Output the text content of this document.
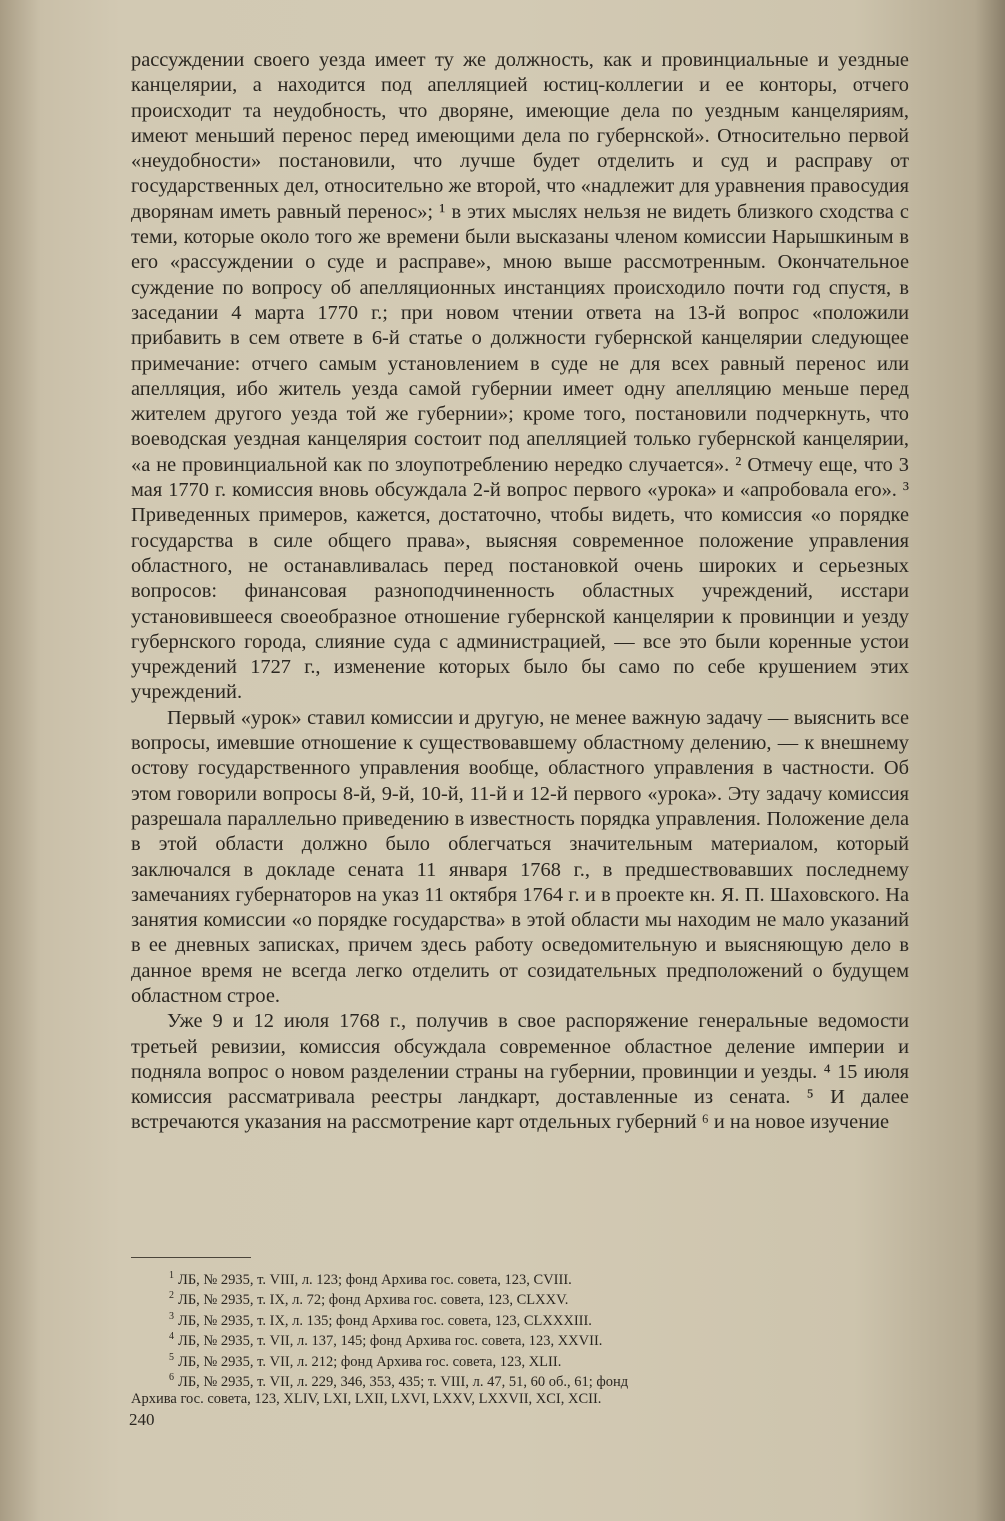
рассуждении своего уезда имеет ту же должность, как и провинциальные и уездные канцелярии, а находится под апелляцией юстиц-коллегии и ее конторы, отчего происходит та неудобность, что дворяне, имеющие дела по уездным канцеляриям, имеют меньший перенос перед имеющими дела по губернской». Относительно первой «неудобности» постановили, что лучше будет отделить и суд и расправу от государственных дел, относительно же второй, что «надлежит для уравнения правосудия дворянам иметь равный перенос»; ¹ в этих мыслях нельзя не видеть близкого сходства с теми, которые около того же времени были высказаны членом комиссии Нарышкиным в его «рассуждении о суде и расправе», мною выше рассмотренным. Окончательное суждение по вопросу об апелляционных инстанциях происходило почти год спустя, в заседании 4 марта 1770 г.; при новом чтении ответа на 13-й вопрос «положили прибавить в сем ответе в 6-й статье о должности губернской канцелярии следующее примечание: отчего самым установлением в суде не для всех равный перенос или апелляция, ибо житель уезда самой губернии имеет одну апелляцию меньше перед жителем другого уезда той же губернии»; кроме того, постановили подчеркнуть, что воеводская уездная канцелярия состоит под апелляцией только губернской канцелярии, «а не провинциальной как по злоупотреблению нередко случается». ² Отмечу еще, что 3 мая 1770 г. комиссия вновь обсуждала 2-й вопрос первого «урока» и «апробовала его». ³ Приведенных примеров, кажется, достаточно, чтобы видеть, что комиссия «о порядке государства в силе общего права», выясняя современное положение управления областного, не останавливалась перед постановкой очень широких и серьезных вопросов: финансовая разноподчиненность областных учреждений, исстари установившееся своеобразное отношение губернской канцелярии к провинции и уезду губернского города, слияние суда с администрацией, — все это были коренные устои учреждений 1727 г., изменение которых было бы само по себе крушением этих учреждений.

Первый «урок» ставил комиссии и другую, не менее важную задачу — выяснить все вопросы, имевшие отношение к существовавшему областному делению, — к внешнему остову государственного управления вообще, областного управления в частности. Об этом говорили вопросы 8-й, 9-й, 10-й, 11-й и 12-й первого «урока». Эту задачу комиссия разрешала параллельно приведению в известность порядка управления. Положение дела в этой области должно было облегчаться значительным материалом, который заключался в докладе сената 11 января 1768 г., в предшествовавших последнему замечаниях губернаторов на указ 11 октября 1764 г. и в проекте кн. Я. П. Шаховского. На занятия комиссии «о порядке государства» в этой области мы находим не мало указаний в ее дневных записках, причем здесь работу осведомительную и выясняющую дело в данное время не всегда легко отделить от созидательных предположений о будущем областном строе.

Уже 9 и 12 июля 1768 г., получив в свое распоряжение генеральные ведомости третьей ревизии, комиссия обсуждала современное областное деление империи и подняла вопрос о новом разделении страны на губернии, провинции и уезды. ⁴ 15 июля комиссия рассматривала реестры ландкарт, доставленные из сената. ⁵ И далее встречаются указания на рассмотрение карт отдельных губерний ⁶ и на новое изучение

$^1$ ЛБ, № 2935, т. VIII, л. 123; фонд Архива гос. совета, 123, CVIII.

$^2$ ЛБ, № 2935, т. IX, л. 72; фонд Архива гос. совета, 123, CLXXV.

$^3$ ЛБ, № 2935, т. IX, л. 135; фонд Архива гос. совета, 123, CLXXXIII.

$^4$ ЛБ, № 2935, т. VII, л. 137, 145; фонд Архива гос. совета, 123, XXVII.

$^5$ ЛБ, № 2935, т. VII, л. 212; фонд Архива гос. совета, 123, XLII.

$^6$ ЛБ, № 2935, т. VII, л. 229, 346, 353, 435; т. VIII, л. 47, 51, 60 об., 61; фонд

Архива гос. совета, 123, XLIV, LXI, LXII, LXVI, LXXV, LXXVII, XCI, XCII.

240
